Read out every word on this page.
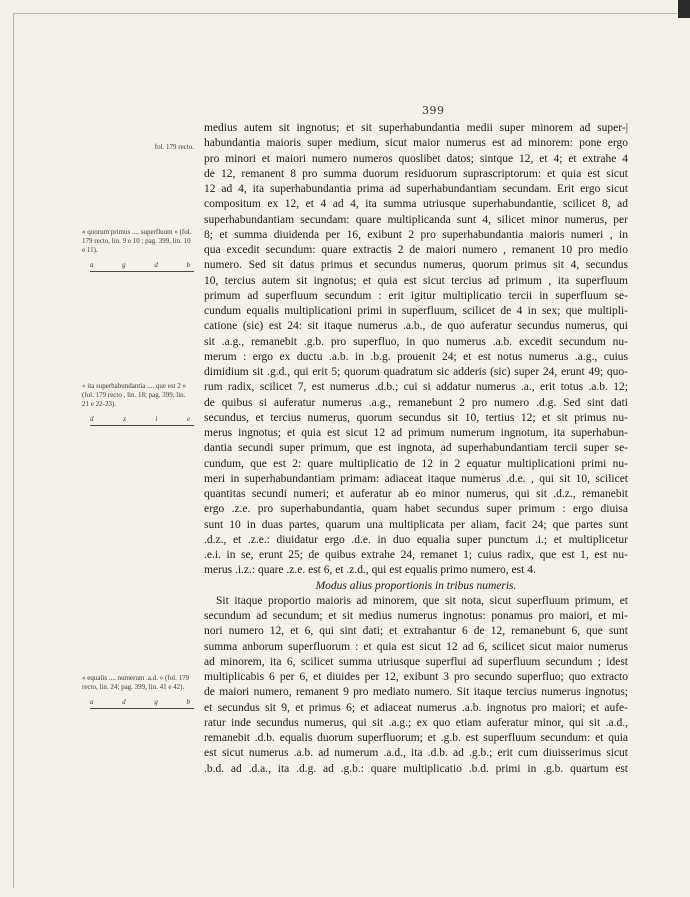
399
medius autem sit ingnotus; et sit superhabundantia medii super minorem ad super-|
habundantia maioris super medium, sicut maior numerus est ad minorem: pone ergo
pro minori et maiori numero numeros quoslibet datos; sintque 12, et 4; et extrahe 4
de 12, remanent 8 pro summa duorum residuorum suprascriptorum: et quia est sicut
12 ad 4, ita superhabundantia prima ad superhabundantiam secundam. Erit ergo sicut
compositum ex 12, et 4 ad 4, ita summa utriusque superhabundantie, scilicet 8, ad
superhabundantiam secundam: quare multiplicanda sunt 4, silicet minor numerus, per
8; et summa diuidenda per 16, exibunt 2 pro superhabundantia maioris numeri , in
qua excedit secundum: quare extractis 2 de maiori numero , remanent 10 pro medio
numero. Sed sit datus primus et secundus numerus, quorum primus sit 4, secundus
10, tercius autem sit ingnotus; et quia est sicut tercius ad primum , ita superfluum
primum ad superfluum secundum : erit igitur multiplicatio tercii in superfluum se-
cundum equalis multiplicationi primi in superfluum, scilicet de 4 in sex; que multipli-
catione (sic) est 24: sit itaque numerus .a.b., de quo auferatur secundus numerus, qui
sit .a.g., remanebit .g.b. pro superfluo, in quo numerus .a.b. excedit secundum nu-
merum : ergo ex ductu .a.b. in .b.g. prouenit 24; et est notus numerus .a.g., cuius
dimidium sit .g.d., qui erit 5; quorum quadratum sic adderis (sic) super 24, erunt 49; quo-
rum radix, scilicet 7, est numerus .d.b.; cui si addatur numerus .a., erit totus .a.b. 12;
de quibus si auferatur numerus .a.g., remanebunt 2 pro numero .d.g. Sed sint dati
secundus, et tercius numerus, quorum secundus sit 10, tertius 12; et sit primus nu-
merus ingnotus; et quia est sicut 12 ad primum numerum ingnotum, ita superhabun-
dantia secundi super primum, que est ingnota, ad superhabundantiam tercii super se-
cundum, que est 2: quare multiplicatio de 12 in 2 equatur multiplicationi primi nu-
meri in superhabundantiam primam: adiaceat itaque numerus .d.e. , qui sit 10, scilicet
quantitas secundi numeri; et auferatur ab eo minor numerus, qui sit .d.z., remanebit
ergo .z.e. pro superhabundantia, quam habet secundus super primum : ergo diuisa
sunt 10 in duas partes, quarum una multiplicata per aliam, facit 24; que partes sunt
.d.z., et .z.e.: diuidatur ergo .d.e. in duo equalia super punctum .i.; et multiplicetur
.e.i. in se, erunt 25; de quibus extrahe 24, remanet 1; cuius radix, que est 1, est nu-
merus .i.z.: quare .z.e. est 6, et .z.d., qui est equalis primo numero, est 4.
Modus alius proportionis in tribus numeris.
Sit itaque proportio maioris ad minorem, que sit nota, sicut superfluum primum, et
secundum ad secundum; et sit medius numerus ingnotus: ponamus pro maiori, et mi-
nori numero 12, et 6, qui sint dati; et extrahantur 6 de 12, remanebunt 6, que sunt
summa anborum superfluorum : et quia est sicut 12 ad 6, scilicet sicut maior numerus
ad minorem, ita 6, scilicet summa utriusque superflui ad superfluum secundum ; idest
multiplicabis 6 per 6, et diuides per 12, exibunt 3 pro secundo superfluo; quo extracto
de maiori numero, remanent 9 pro mediato numero. Sit itaque tercius numerus ingnotus;
et secundus sit 9, et primus 6; et adiaceat numerus .a.b. ingnotus pro maiori; et aufe-
ratur inde secundus numerus, qui sit .a.g.; ex quo etiam auferatur minor, qui sit .a.d.,
remanebit .d.b. equalis duorum superfluorum; et .g.b. est superfluum secundum: et quia
est sicut numerus .a.b. ad numerum .a.d., ita .d.b. ad .g.b.; erit cum diuisserimus sicut
.b.d. ad .d.a., ita .d.g. ad .g.b.: quare multiplicatio .b.d. primi in .g.b. quartum est
fol. 179 recto.
« quorum primus .... superfluum » (fol. 179 recto, lin. 9 e 10 ; pag. 399, lin. 10 e 11).
a	g	d	b
« ita superhabundantia .... que est 2 » (fol. 179 recto , lin. 18; pag. 399, lin. 21 e 22-23).
d	z	i	e
« equalis .... numerum .a.d. » (fol. 179 recto, lin. 24; pag. 399, lin. 41 e 42).
a	d	g	b
